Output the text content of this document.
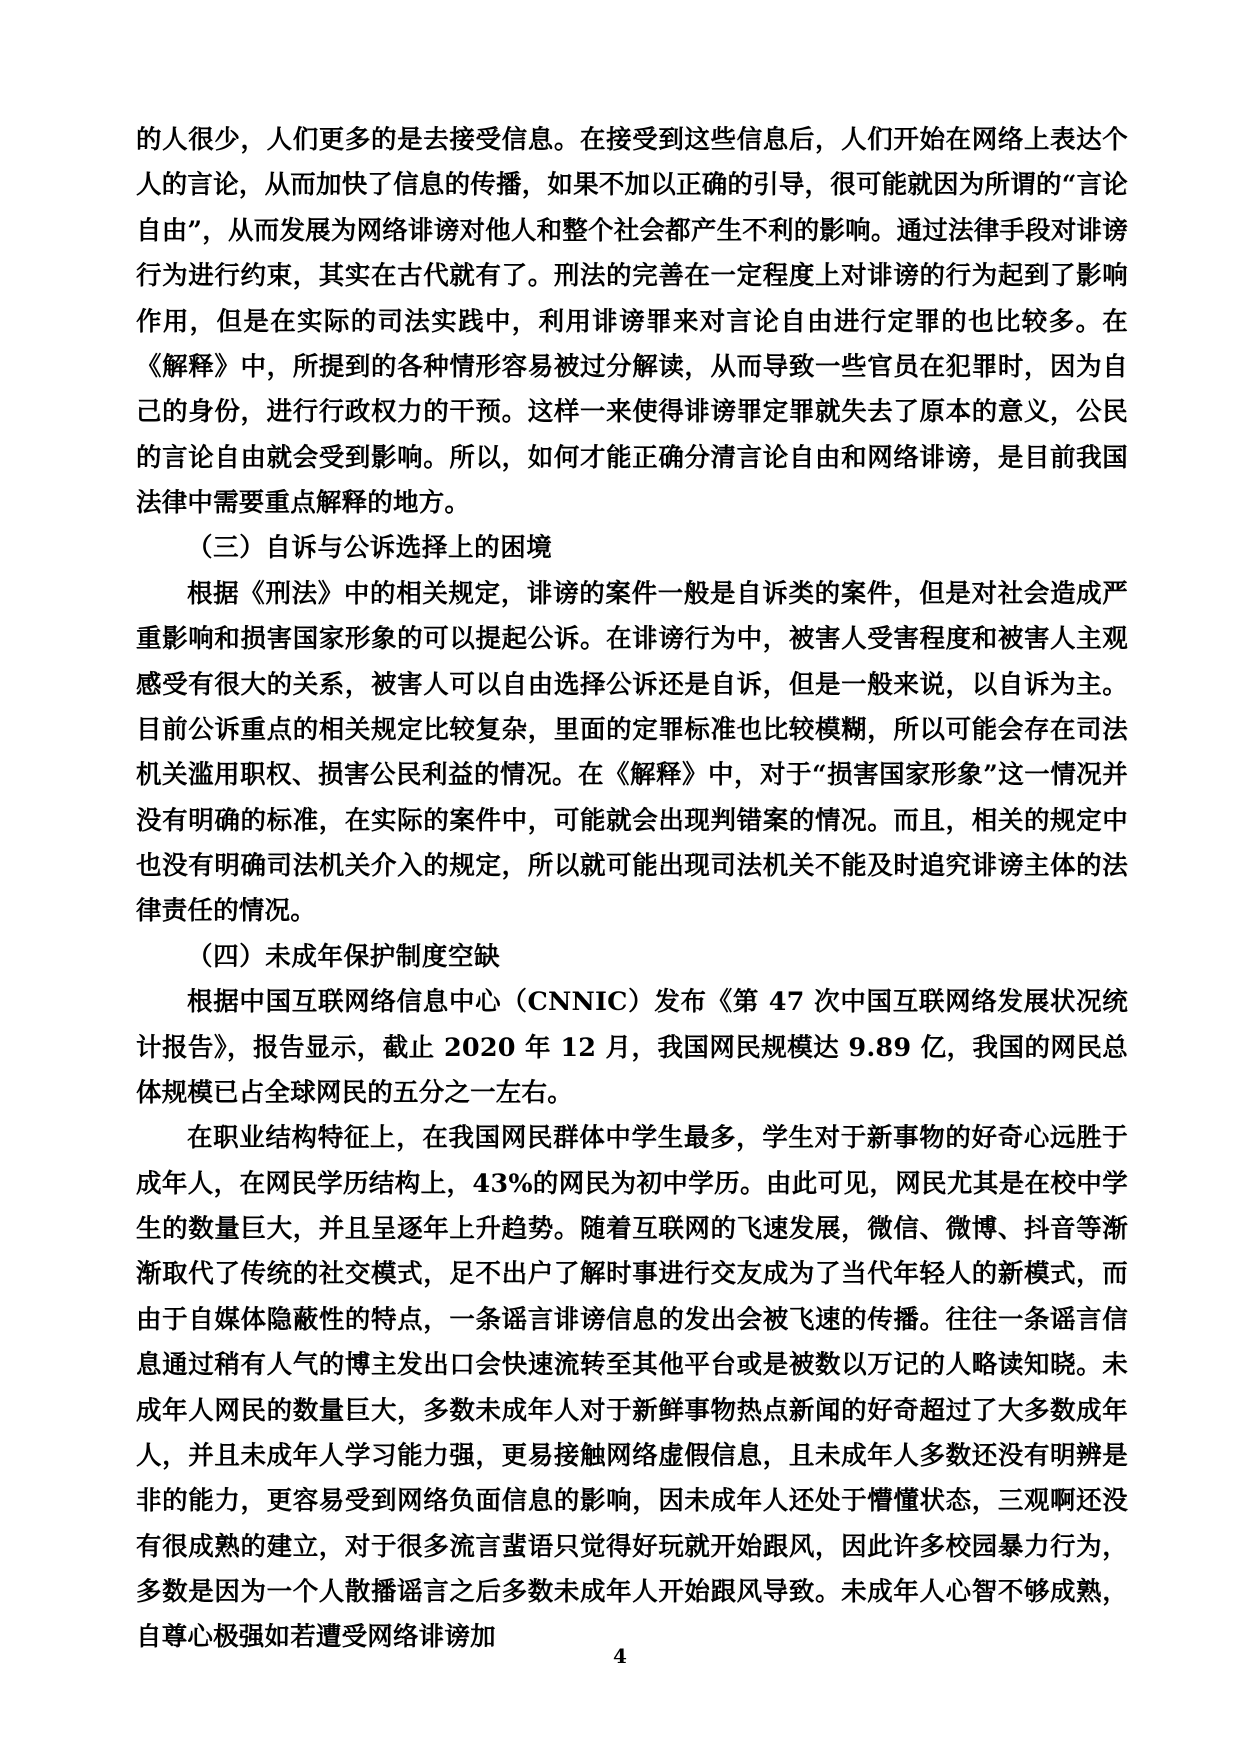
的人很少，人们更多的是去接受信息。在接受到这些信息后，人们开始在网络上表达个人的言论，从而加快了信息的传播，如果不加以正确的引导，很可能就因为所谓的“言论自由”，从而发展为网络诽谤对他人和整个社会都产生不利的影响。通过法律手段对诽谤行为进行约束，其实在古代就有了。刑法的完善在一定程度上对诽谤的行为起到了影响作用，但是在实际的司法实践中，利用诽谤罪来对言论自由进行定罪的也比较多。在《解释》中，所提到的各种情形容易被过分解读，从而导致一些官员在犯罪时，因为自己的身份，进行行政权力的干预。这样一来使得诽谤罪定罪就失去了原本的意义，公民的言论自由就会受到影响。所以，如何才能正确分清言论自由和网络诽谤，是目前我国法律中需要重点解释的地方。

（三）自诉与公诉选择上的困境

根据《刑法》中的相关规定，诽谤的案件一般是自诉类的案件，但是对社会造成严重影响和损害国家形象的可以提起公诉。在诽谤行为中，被害人受害程度和被害人主观感受有很大的关系，被害人可以自由选择公诉还是自诉，但是一般来说，以自诉为主。目前公诉重点的相关规定比较复杂，里面的定罪标准也比较模糊，所以可能会存在司法机关滥用职权、损害公民利益的情况。在《解释》中，对于“损害国家形象”这一情况并没有明确的标准，在实际的案件中，可能就会出现判错案的情况。而且，相关的规定中也没有明确司法机关介入的规定，所以就可能出现司法机关不能及时追究诽谤主体的法律责任的情况。

（四）未成年保护制度空缺

根据中国互联网络信息中心（CNNIC）发布《第 47 次中国互联网络发展状况统计报告》，报告显示，截止 2020 年 12 月，我国网民规模达 9.89 亿，我国的网民总体规模已占全球网民的五分之一左右。

在职业结构特征上，在我国网民群体中学生最多，学生对于新事物的好奇心远胜于成年人，在网民学历结构上，43%的网民为初中学历。由此可见，网民尤其是在校中学生的数量巨大，并且呈逐年上升趋势。随着互联网的飞速发展，微信、微博、抖音等渐渐取代了传统的社交模式，足不出户了解时事进行交友成为了当代年轻人的新模式，而由于自媒体隐蔽性的特点，一条谣言诽谤信息的发出会被飞速的传播。往往一条谣言信息通过稍有人气的博主发出口会快速流转至其他平台或是被数以万记的人略读知晓。未成年人网民的数量巨大，多数未成年人对于新鲜事物热点新闻的好奇超过了大多数成年人，并且未成年人学习能力强，更易接触网络虚假信息，且未成年人多数还没有明辨是非的能力，更容易受到网络负面信息的影响，因未成年人还处于懵懂状态，三观啊还没有很成熟的建立，对于很多流言蜚语只觉得好玩就开始跟风，因此许多校园暴力行为，多数是因为一个人散播谣言之后多数未成年人开始跟风导致。未成年人心智不够成熟，自尊心极强如若遭受网络诽谤加

4
